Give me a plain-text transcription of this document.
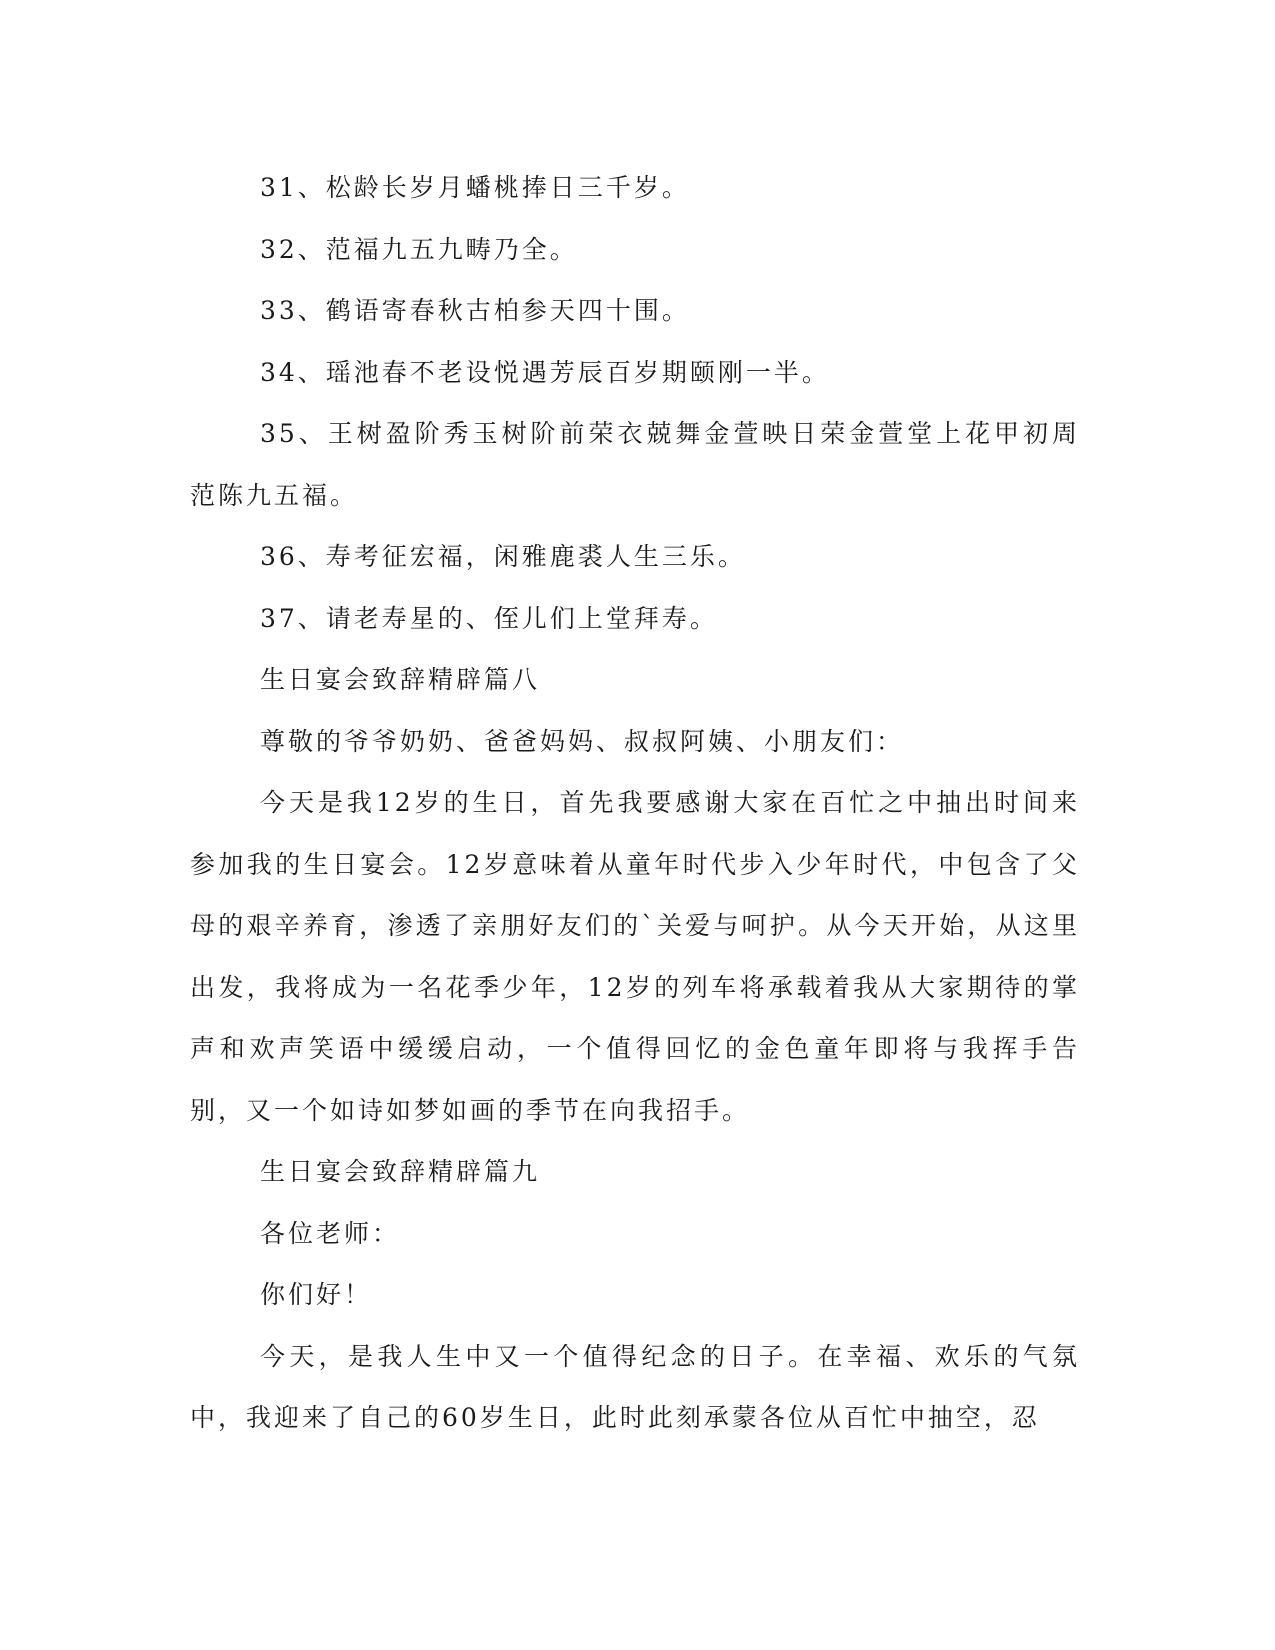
31、松龄长岁月蟠桃捧日三千岁。

32、范福九五九畴乃全。

33、鹤语寄春秋古柏参天四十围。

34、瑶池春不老设悦遇芳辰百岁期颐刚一半。

35、王树盈阶秀玉树阶前荣衣兢舞金萱映日荣金萱堂上花甲初周范陈九五福。

36、寿考征宏福，闲雅鹿裘人生三乐。

37、请老寿星的、侄儿们上堂拜寿。

生日宴会致辞精辟篇八

尊敬的爷爷奶奶、爸爸妈妈、叔叔阿姨、小朋友们：

今天是我12岁的生日，首先我要感谢大家在百忙之中抽出时间来参加我的生日宴会。12岁意味着从童年时代步入少年时代，中包含了父母的艰辛养育，渗透了亲朋好友们的`关爱与呵护。从今天开始，从这里出发，我将成为一名花季少年，12岁的列车将承载着我从大家期待的掌声和欢声笑语中缓缓启动，一个值得回忆的金色童年即将与我挥手告别，又一个如诗如梦如画的季节在向我招手。

生日宴会致辞精辟篇九

各位老师：

你们好！

今天，是我人生中又一个值得纪念的日子。在幸福、欢乐的气氛中，我迎来了自己的60岁生日，此时此刻承蒙各位从百忙中抽空，忍
